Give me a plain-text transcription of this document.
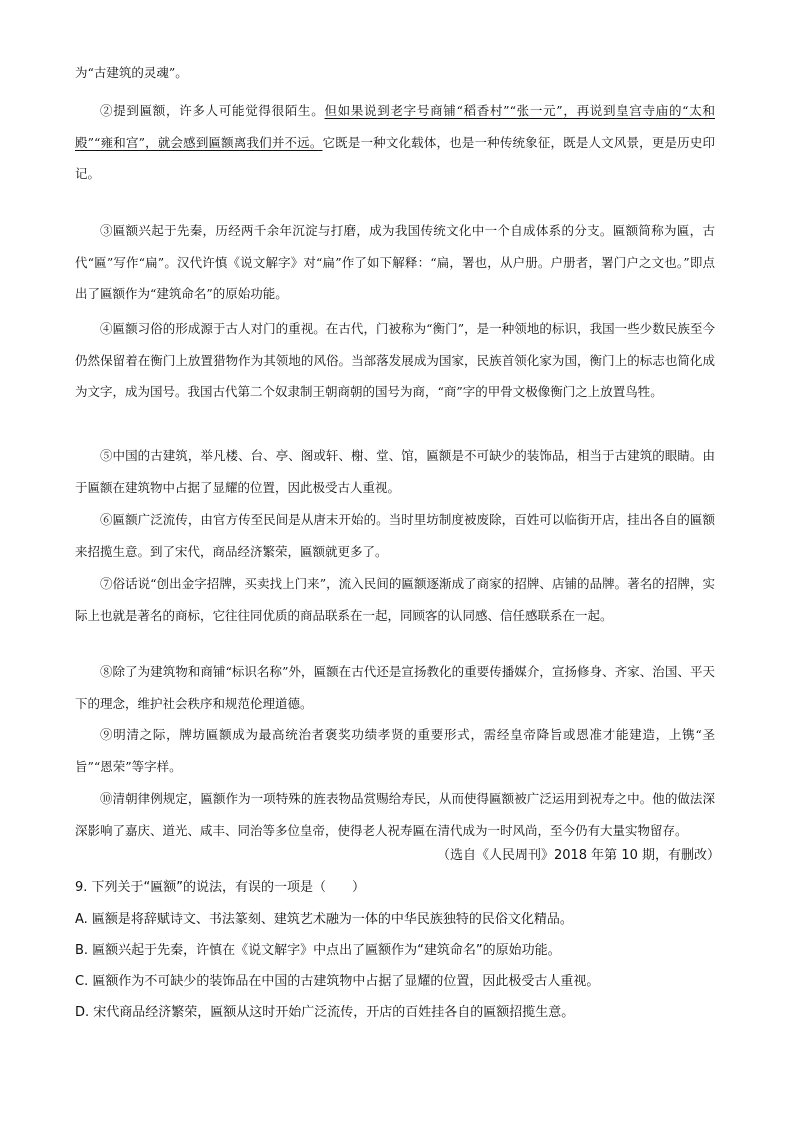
为“古建筑的灵魂”。
②提到匾额，许多人可能觉得很陌生。但如果说到老字号商铺“稻香村”“张一元”，再说到皇宫寺庙的“太和殿”“雍和宫”，就会感到匾额离我们并不远。它既是一种文化载体，也是一种传统象征，既是人文风景，更是历史印记。
③匾额兴起于先秦，历经两千余年沉淀与打磨，成为我国传统文化中一个自成体系的分支。匾额简称为匾，古代“匾”写作“扁”。汉代许慎《说文解字》对“扁”作了如下解释：“扁，署也，从户册。户册者，署门户之文也。”即点出了匾额作为“建筑命名”的原始功能。
④匾额习俗的形成源于古人对门的重视。在古代，门被称为“衡门”，是一种领地的标识，我国一些少数民族至今仍然保留着在衡门上放置猎物作为其领地的风俗。当部落发展成为国家，民族首领化家为国，衡门上的标志也简化成为文字，成为国号。我国古代第二个奴隶制王朝商朝的国号为商，“商”字的甲骨文极像衡门之上放置鸟牲。
⑤中国的古建筑，举凡楼、台、亭、阁或轩、榭、堂、馆，匾额是不可缺少的装饰品，相当于古建筑的眼睛。由于匾额在建筑物中占据了显耀的位置，因此极受古人重视。
⑥匾额广泛流传，由官方传至民间是从唐末开始的。当时里坊制度被废除，百姓可以临街开店，挂出各自的匾额来招揽生意。到了宋代，商品经济繁荣，匾额就更多了。
⑦俗话说“创出金字招牌，买卖找上门来”，流入民间的匾额逐渐成了商家的招牌、店铺的品牌。著名的招牌，实际上也就是著名的商标，它往往同优质的商品联系在一起，同顾客的认同感、信任感联系在一起。
⑧除了为建筑物和商铺“标识名称”外，匾额在古代还是宣扬教化的重要传播媒介，宣扬修身、齐家、治国、平天下的理念，维护社会秩序和规范伦理道德。
⑨明清之际，牌坊匾额成为最高统治者褒奖功绩孝贤的重要形式，需经皇帝降旨或恩准才能建造，上镌“圣旨”“恩荣”等字样。
⑩清朝律例规定，匾额作为一项特殊的旌表物品赏赐给寿民，从而使得匾额被广泛运用到祝寿之中。他的做法深深影响了嘉庆、道光、咸丰、同治等多位皇帝，使得老人祝寿匾在清代成为一时风尚，至今仍有大量实物留存。
（选自《人民周刊》2018 年第 10 期，有删改）
9. 下列关于“匾额”的说法，有误的一项是（　　）
A. 匾额是将辞赋诗文、书法篆刻、建筑艺术融为一体的中华民族独特的民俗文化精品。
B. 匾额兴起于先秦，许慎在《说文解字》中点出了匾额作为“建筑命名”的原始功能。
C. 匾额作为不可缺少的装饰品在中国的古建筑物中占据了显耀的位置，因此极受古人重视。
D. 宋代商品经济繁荣，匾额从这时开始广泛流传，开店的百姓挂各自的匾额招揽生意。
